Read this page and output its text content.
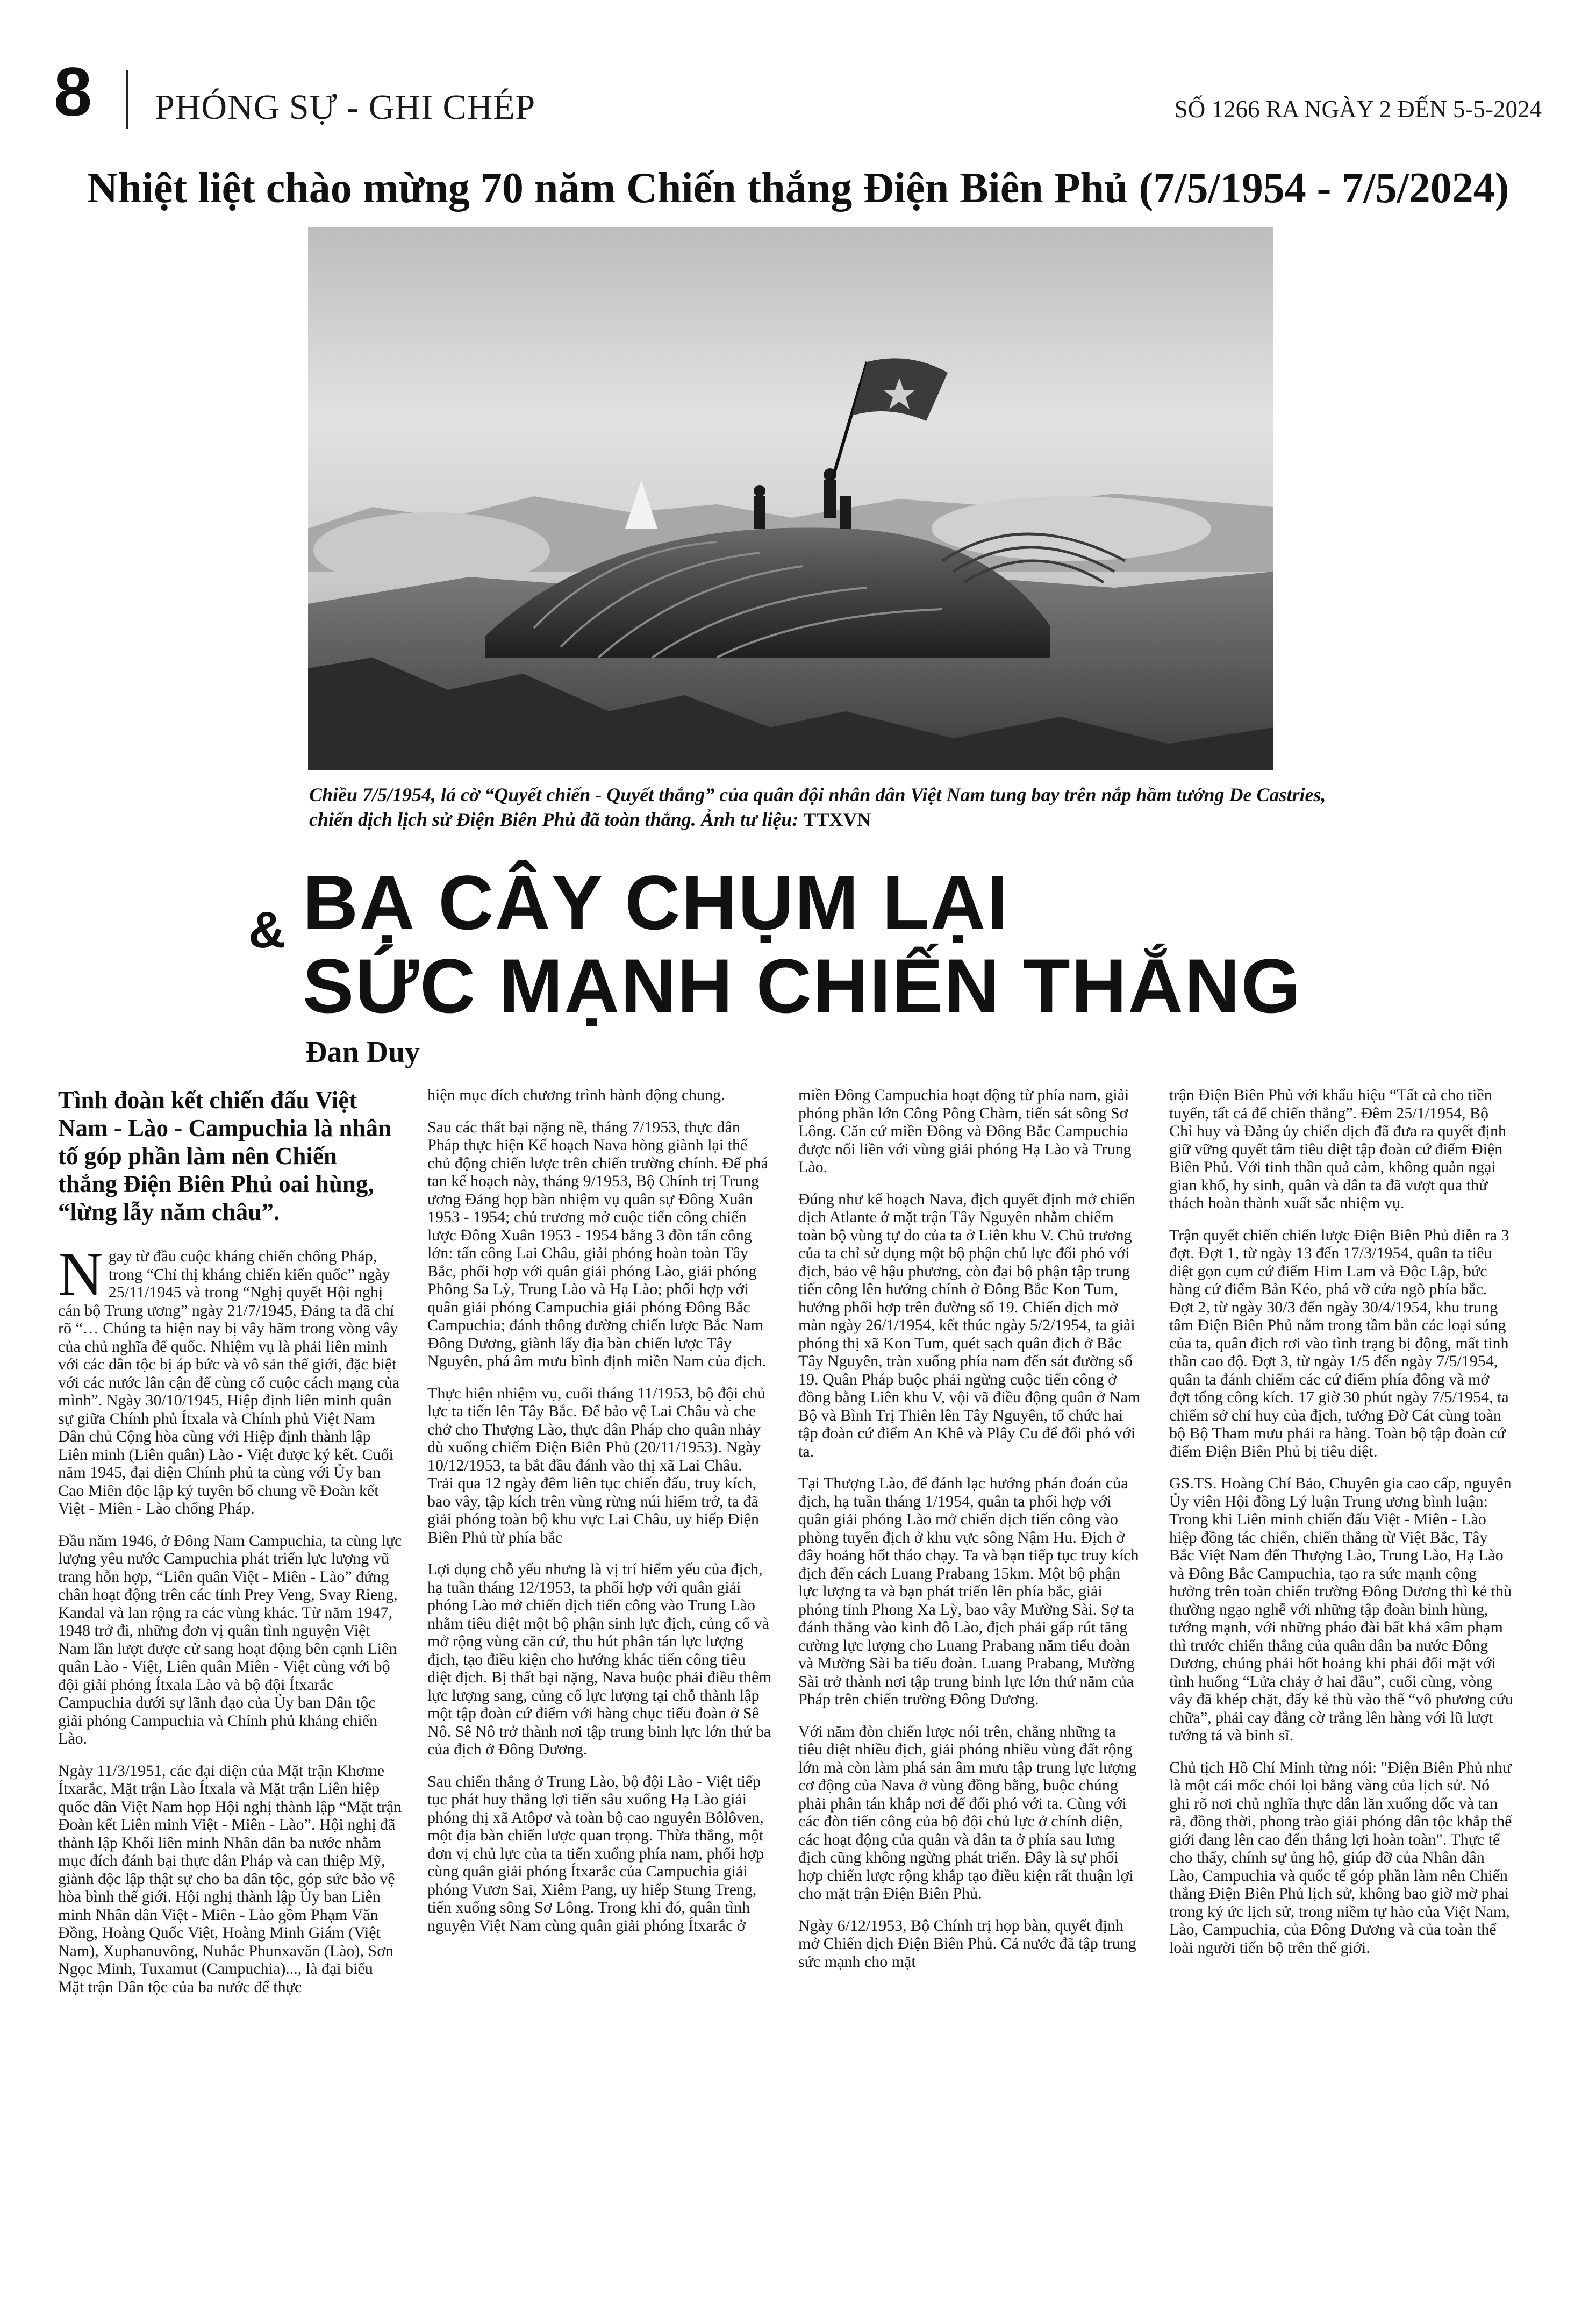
8	PHÓNG SỰ - GHI CHÉP	SỐ 1266 RA NGÀY 2 ĐẾN 5-5-2024
Nhiệt liệt chào mừng 70 năm Chiến thắng Điện Biên Phủ (7/5/1954 - 7/5/2024)
Chiều 7/5/1954, lá cờ “Quyết chiến - Quyết thắng” của quân đội nhân dân Việt Nam tung bay trên nắp hầm tướng De Castries, chiến dịch lịch sử Điện Biên Phủ đã toàn thắng. Ảnh tư liệu: TTXVN
& BẠ CÂY CHỤM LẠI
SỨC MẠNH CHIẾN THẮNG
Đan Duy
Tình đoàn kết chiến đấu Việt Nam - Lào - Campuchia là nhân tố góp phần làm nên Chiến thắng Điện Biên Phủ oai hùng, “lừng lẫy năm châu”.

Ngay từ đầu cuộc kháng chiến chống Pháp, trong “Chỉ thị kháng chiến kiến quốc” ngày 25/11/1945 và trong “Nghị quyết Hội nghị cán bộ Trung ương” ngày 21/7/1945, Đảng ta đã chỉ rõ “… Chúng ta hiện nay bị vây hãm trong vòng vây của chủ nghĩa đế quốc. Nhiệm vụ là phải liên minh với các dân tộc bị áp bức và vô sản thế giới, đặc biệt với các nước lân cận để cùng cố cuộc cách mạng của mình”. Ngày 30/10/1945, Hiệp định liên minh quân sự giữa Chính phủ Ítxala và Chính phủ Việt Nam Dân chủ Cộng hòa cùng với Hiệp định thành lập Liên minh (Liên quân) Lào - Việt được ký kết. Cuối năm 1945, đại diện Chính phủ ta cùng với Ủy ban Cao Miên độc lập ký tuyên bố chung về Đoàn kết Việt - Miên - Lào chống Pháp.

Đầu năm 1946, ở Đông Nam Campuchia, ta cùng lực lượng yêu nước Campuchia phát triển lực lượng vũ trang hỗn hợp, “Liên quân Việt - Miên - Lào” đứng chân hoạt động trên các tỉnh Prey Veng, Svay Rieng, Kandal và lan rộng ra các vùng khác. Từ năm 1947, 1948 trở đi, những đơn vị quân tình nguyện Việt Nam lần lượt được cử sang hoạt động bên cạnh Liên quân Lào - Việt, Liên quân Miên - Việt cùng với bộ đội giải phóng Ítxala Lào và bộ đội Ítxarắc Campuchia dưới sự lãnh đạo của Ủy ban Dân tộc giải phóng Campuchia và Chính phủ kháng chiến Lào.

Ngày 11/3/1951, các đại diện của Mặt trận Khơme Ítxarắc, Mặt trận Lào Ítxala và Mặt trận Liên hiệp quốc dân Việt Nam họp Hội nghị thành lập “Mặt trận Đoàn kết Liên minh Việt - Miên - Lào”. Hội nghị đã thành lập Khối liên minh Nhân dân ba nước nhằm mục đích đánh bại thực dân Pháp và can thiệp Mỹ, giành độc lập thật sự cho ba dân tộc, góp sức bảo vệ hòa bình thế giới. Hội nghị thành lập Ủy ban Liên minh Nhân dân Việt - Miên - Lào gồm Phạm Văn Đồng, Hoàng Quốc Việt, Hoàng Minh Giám (Việt Nam), Xuphanuvông, Nuhắc Phunxavăn (Lào), Sơn Ngọc Minh, Tuxamut (Campuchia)..., là đại biểu Mặt trận Dân tộc của ba nước để thực

hiện mục đích chương trình hành động chung.

Sau các thất bại nặng nề, tháng 7/1953, thực dân Pháp thực hiện Kế hoạch Nava hòng giành lại thế chủ động chiến lược trên chiến trường chính. Để phá tan kế hoạch này, tháng 9/1953, Bộ Chính trị Trung ương Đảng họp bàn nhiệm vụ quân sự Đông Xuân 1953 - 1954; chủ trương mở cuộc tiến công chiến lược Đông Xuân 1953 - 1954 bằng 3 đòn tấn công lớn: tấn công Lai Châu, giải phóng hoàn toàn Tây Bắc, phối hợp với quân giải phóng Lào, giải phóng Phông Sa Lỳ, Trung Lào và Hạ Lào; phối hợp với quân giải phóng Campuchia giải phóng Đông Bắc Campuchia; đánh thông đường chiến lược Bắc Nam Đông Dương, giành lấy địa bàn chiến lược Tây Nguyên, phá âm mưu bình định miền Nam của địch.

Thực hiện nhiệm vụ, cuối tháng 11/1953, bộ đội chủ lực ta tiến lên Tây Bắc. Để bảo vệ Lai Châu và che chở cho Thượng Lào, thực dân Pháp cho quân nhảy dù xuống chiếm Điện Biên Phủ (20/11/1953). Ngày 10/12/1953, ta bắt đầu đánh vào thị xã Lai Châu. Trải qua 12 ngày đêm liên tục chiến đấu, truy kích, bao vây, tập kích trên vùng rừng núi hiểm trở, ta đã giải phóng toàn bộ khu vực Lai Châu, uy hiếp Điện Biên Phủ từ phía bắc

Lợi dụng chỗ yếu nhưng là vị trí hiểm yếu của địch, hạ tuần tháng 12/1953, ta phối hợp với quân giải phóng Lào mở chiến dịch tiến công vào Trung Lào nhằm tiêu diệt một bộ phận sinh lực địch, củng cố và mở rộng vùng căn cứ, thu hút phân tán lực lượng địch, tạo điều kiện cho hướng khác tiến công tiêu diệt địch. Bị thất bại nặng, Nava buộc phải điều thêm lực lượng sang, củng cố lực lượng tại chỗ thành lập một tập đoàn cứ điểm với hàng chục tiểu đoàn ở Sê Nô. Sê Nô trở thành nơi tập trung binh lực lớn thứ ba của địch ở Đông Dương.

Sau chiến thắng ở Trung Lào, bộ đội Lào - Việt tiếp tục phát huy thắng lợi tiến sâu xuống Hạ Lào giải phóng thị xã Atôpơ và toàn bộ cao nguyên Bôlôven, một địa bàn chiến lược quan trọng. Thừa thắng, một đơn vị chủ lực của ta tiến xuống phía nam, phối hợp cùng quân giải phóng Ítxarắc của Campuchia giải phóng Vươn Sai, Xiêm Pang, uy hiếp Stung Treng, tiến xuống sông Sơ Lông. Trong khi đó, quân tình nguyện Việt Nam cùng quân giải phóng Ítxarắc ở

miền Đông Campuchia hoạt động từ phía nam, giải phóng phần lớn Công Pông Chàm, tiến sát sông Sơ Lông. Căn cứ miền Đông và Đông Bắc Campuchia được nối liền với vùng giải phóng Hạ Lào và Trung Lào.

Đúng như kế hoạch Nava, địch quyết định mở chiến dịch Atlante ở mặt trận Tây Nguyên nhằm chiếm toàn bộ vùng tự do của ta ở Liên khu V. Chủ trương của ta chỉ sử dụng một bộ phận chủ lực đối phó với địch, bảo vệ hậu phương, còn đại bộ phận tập trung tiến công lên hướng chính ở Đông Bắc Kon Tum, hướng phối hợp trên đường số 19. Chiến dịch mở màn ngày 26/1/1954, kết thúc ngày 5/2/1954, ta giải phóng thị xã Kon Tum, quét sạch quân địch ở Bắc Tây Nguyên, tràn xuống phía nam đến sát đường số 19. Quân Pháp buộc phải ngừng cuộc tiến công ở đồng bằng Liên khu V, vội vã điều động quân ở Nam Bộ và Bình Trị Thiên lên Tây Nguyên, tổ chức hai tập đoàn cứ điểm An Khê và Plây Cu để đối phó với ta.

Tại Thượng Lào, để đánh lạc hướng phán đoán của địch, hạ tuần tháng 1/1954, quân ta phối hợp với quân giải phóng Lào mở chiến dịch tiến công vào phòng tuyến địch ở khu vực sông Nậm Hu. Địch ở đây hoảng hốt tháo chạy. Ta và bạn tiếp tục truy kích địch đến cách Luang Prabang 15km. Một bộ phận lực lượng ta và bạn phát triển lên phía bắc, giải phóng tỉnh Phong Xa Lỳ, bao vây Mường Sài. Sợ ta đánh thẳng vào kinh đô Lào, địch phải gấp rút tăng cường lực lượng cho Luang Prabang năm tiểu đoàn và Mường Sài ba tiểu đoàn. Luang Prabang, Mường Sài trở thành nơi tập trung binh lực lớn thứ năm của Pháp trên chiến trường Đông Dương.

Với năm đòn chiến lược nói trên, chẳng những ta tiêu diệt nhiều địch, giải phóng nhiều vùng đất rộng lớn mà còn làm phá sản âm mưu tập trung lực lượng cơ động của Nava ở vùng đồng bằng, buộc chúng phải phân tán khắp nơi để đối phó với ta. Cùng với các đòn tiến công của bộ đội chủ lực ở chính diện, các hoạt động của quân và dân ta ở phía sau lưng địch cũng không ngừng phát triển. Đây là sự phối hợp chiến lược rộng khắp tạo điều kiện rất thuận lợi cho mặt trận Điện Biên Phủ.

Ngày 6/12/1953, Bộ Chính trị họp bàn, quyết định mở Chiến dịch Điện Biên Phủ. Cả nước đã tập trung sức mạnh cho mặt

trận Điện Biên Phủ với khẩu hiệu “Tất cả cho tiền tuyến, tất cả để chiến thắng”. Đêm 25/1/1954, Bộ Chỉ huy và Đảng ủy chiến dịch đã đưa ra quyết định giữ vững quyết tâm tiêu diệt tập đoàn cứ điểm Điện Biên Phủ. Với tinh thần quả cảm, không quản ngại gian khổ, hy sinh, quân và dân ta đã vượt qua thử thách hoàn thành xuất sắc nhiệm vụ.

Trận quyết chiến chiến lược Điện Biên Phủ diễn ra 3 đợt. Đợt 1, từ ngày 13 đến 17/3/1954, quân ta tiêu diệt gọn cụm cứ điểm Him Lam và Độc Lập, bức hàng cứ điểm Bản Kéo, phá vỡ cửa ngõ phía bắc. Đợt 2, từ ngày 30/3 đến ngày 30/4/1954, khu trung tâm Điện Biên Phủ nằm trong tầm bắn các loại súng của ta, quân địch rơi vào tình trạng bị động, mất tinh thần cao độ. Đợt 3, từ ngày 1/5 đến ngày 7/5/1954, quân ta đánh chiếm các cứ điểm phía đông và mở đợt tổng công kích. 17 giờ 30 phút ngày 7/5/1954, ta chiếm sở chỉ huy của địch, tướng Đờ Cát cùng toàn bộ Bộ Tham mưu phải ra hàng. Toàn bộ tập đoàn cứ điểm Điện Biên Phủ bị tiêu diệt.

GS.TS. Hoàng Chí Bảo, Chuyên gia cao cấp, nguyên Ủy viên Hội đồng Lý luận Trung ương bình luận: Trong khi Liên minh chiến đấu Việt - Miên - Lào hiệp đồng tác chiến, chiến thắng từ Việt Bắc, Tây Bắc Việt Nam đến Thượng Lào, Trung Lào, Hạ Lào và Đông Bắc Campuchia, tạo ra sức mạnh cộng hưởng trên toàn chiến trường Đông Dương thì kẻ thù thường ngạo nghễ với những tập đoàn binh hùng, tướng mạnh, với những pháo đài bất khả xâm phạm thì trước chiến thắng của quân dân ba nước Đông Dương, chúng phải hốt hoảng khi phải đối mặt với tình huống “Lửa chảy ở hai đầu”, cuối cùng, vòng vây đã khép chặt, đẩy kẻ thù vào thế “vô phương cứu chữa”, phải cay đắng cờ trắng lên hàng với lũ lượt tướng tá và binh sĩ.

Chủ tịch Hồ Chí Minh từng nói: "Điện Biên Phủ như là một cái mốc chói lọi bằng vàng của lịch sử. Nó ghi rõ nơi chủ nghĩa thực dân lăn xuống dốc và tan rã, đồng thời, phong trào giải phóng dân tộc khắp thế giới đang lên cao đến thắng lợi hoàn toàn". Thực tế cho thấy, chính sự ủng hộ, giúp đỡ của Nhân dân Lào, Campuchia và quốc tế góp phần làm nên Chiến thắng Điện Biên Phủ lịch sử, không bao giờ mờ phai trong ký ức lịch sử, trong niềm tự hào của Việt Nam, Lào, Campuchia, của Đông Dương và của toàn thể loài người tiến bộ trên thế giới.
